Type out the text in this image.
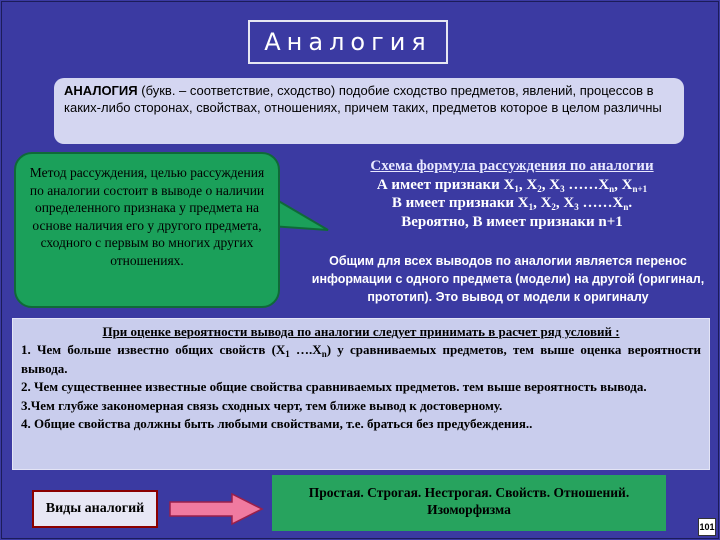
Аналогия
АНАЛОГИЯ (букв. – соответствие, сходство) подобие сходство предметов, явлений, процессов в каких-либо сторонах, свойствах, отношениях, причем таких, предметов которое в целом различны
Метод рассуждения, целью рассуждения по аналогии состоит в выводе о наличии определенного признака у предмета на основе наличия его у другого предмета, сходного с первым во многих других отношениях.
Схема формула рассуждения по аналогии
А имеет признаки $Х_1$, $Х_2$, $Х_3$ $\dots\dots Х_n$, $Х_{n+1}$
В имеет признаки $Х_1$, $Х_2$, $Х_3$ $\dots\dots Х_n$.
Вероятно, В имеет признаки n+1
Общим для всех выводов по аналогии является перенос информации с одного предмета (модели) на другой (оригинал, прототип). Это вывод от модели к оригиналу
При оценке вероятности вывода по аналогии следует принимать в расчет ряд условий :
1. Чем больше известно общих свойств ($Х_1$ $\dots.Х_n$) у сравниваемых предметов, тем выше оценка вероятности вывода.
2. Чем существеннее известные общие свойства сравниваемых предметов. тем выше вероятность вывода.
3.Чем глубже закономерная связь сходных черт, тем ближе вывод к достоверному.
4. Общие свойства должны быть любыми свойствами, т.е. браться без предубеждения..
Виды аналогий
Простая. Строгая. Нестрогая. Свойств. Отношений. Изоморфизма
101
